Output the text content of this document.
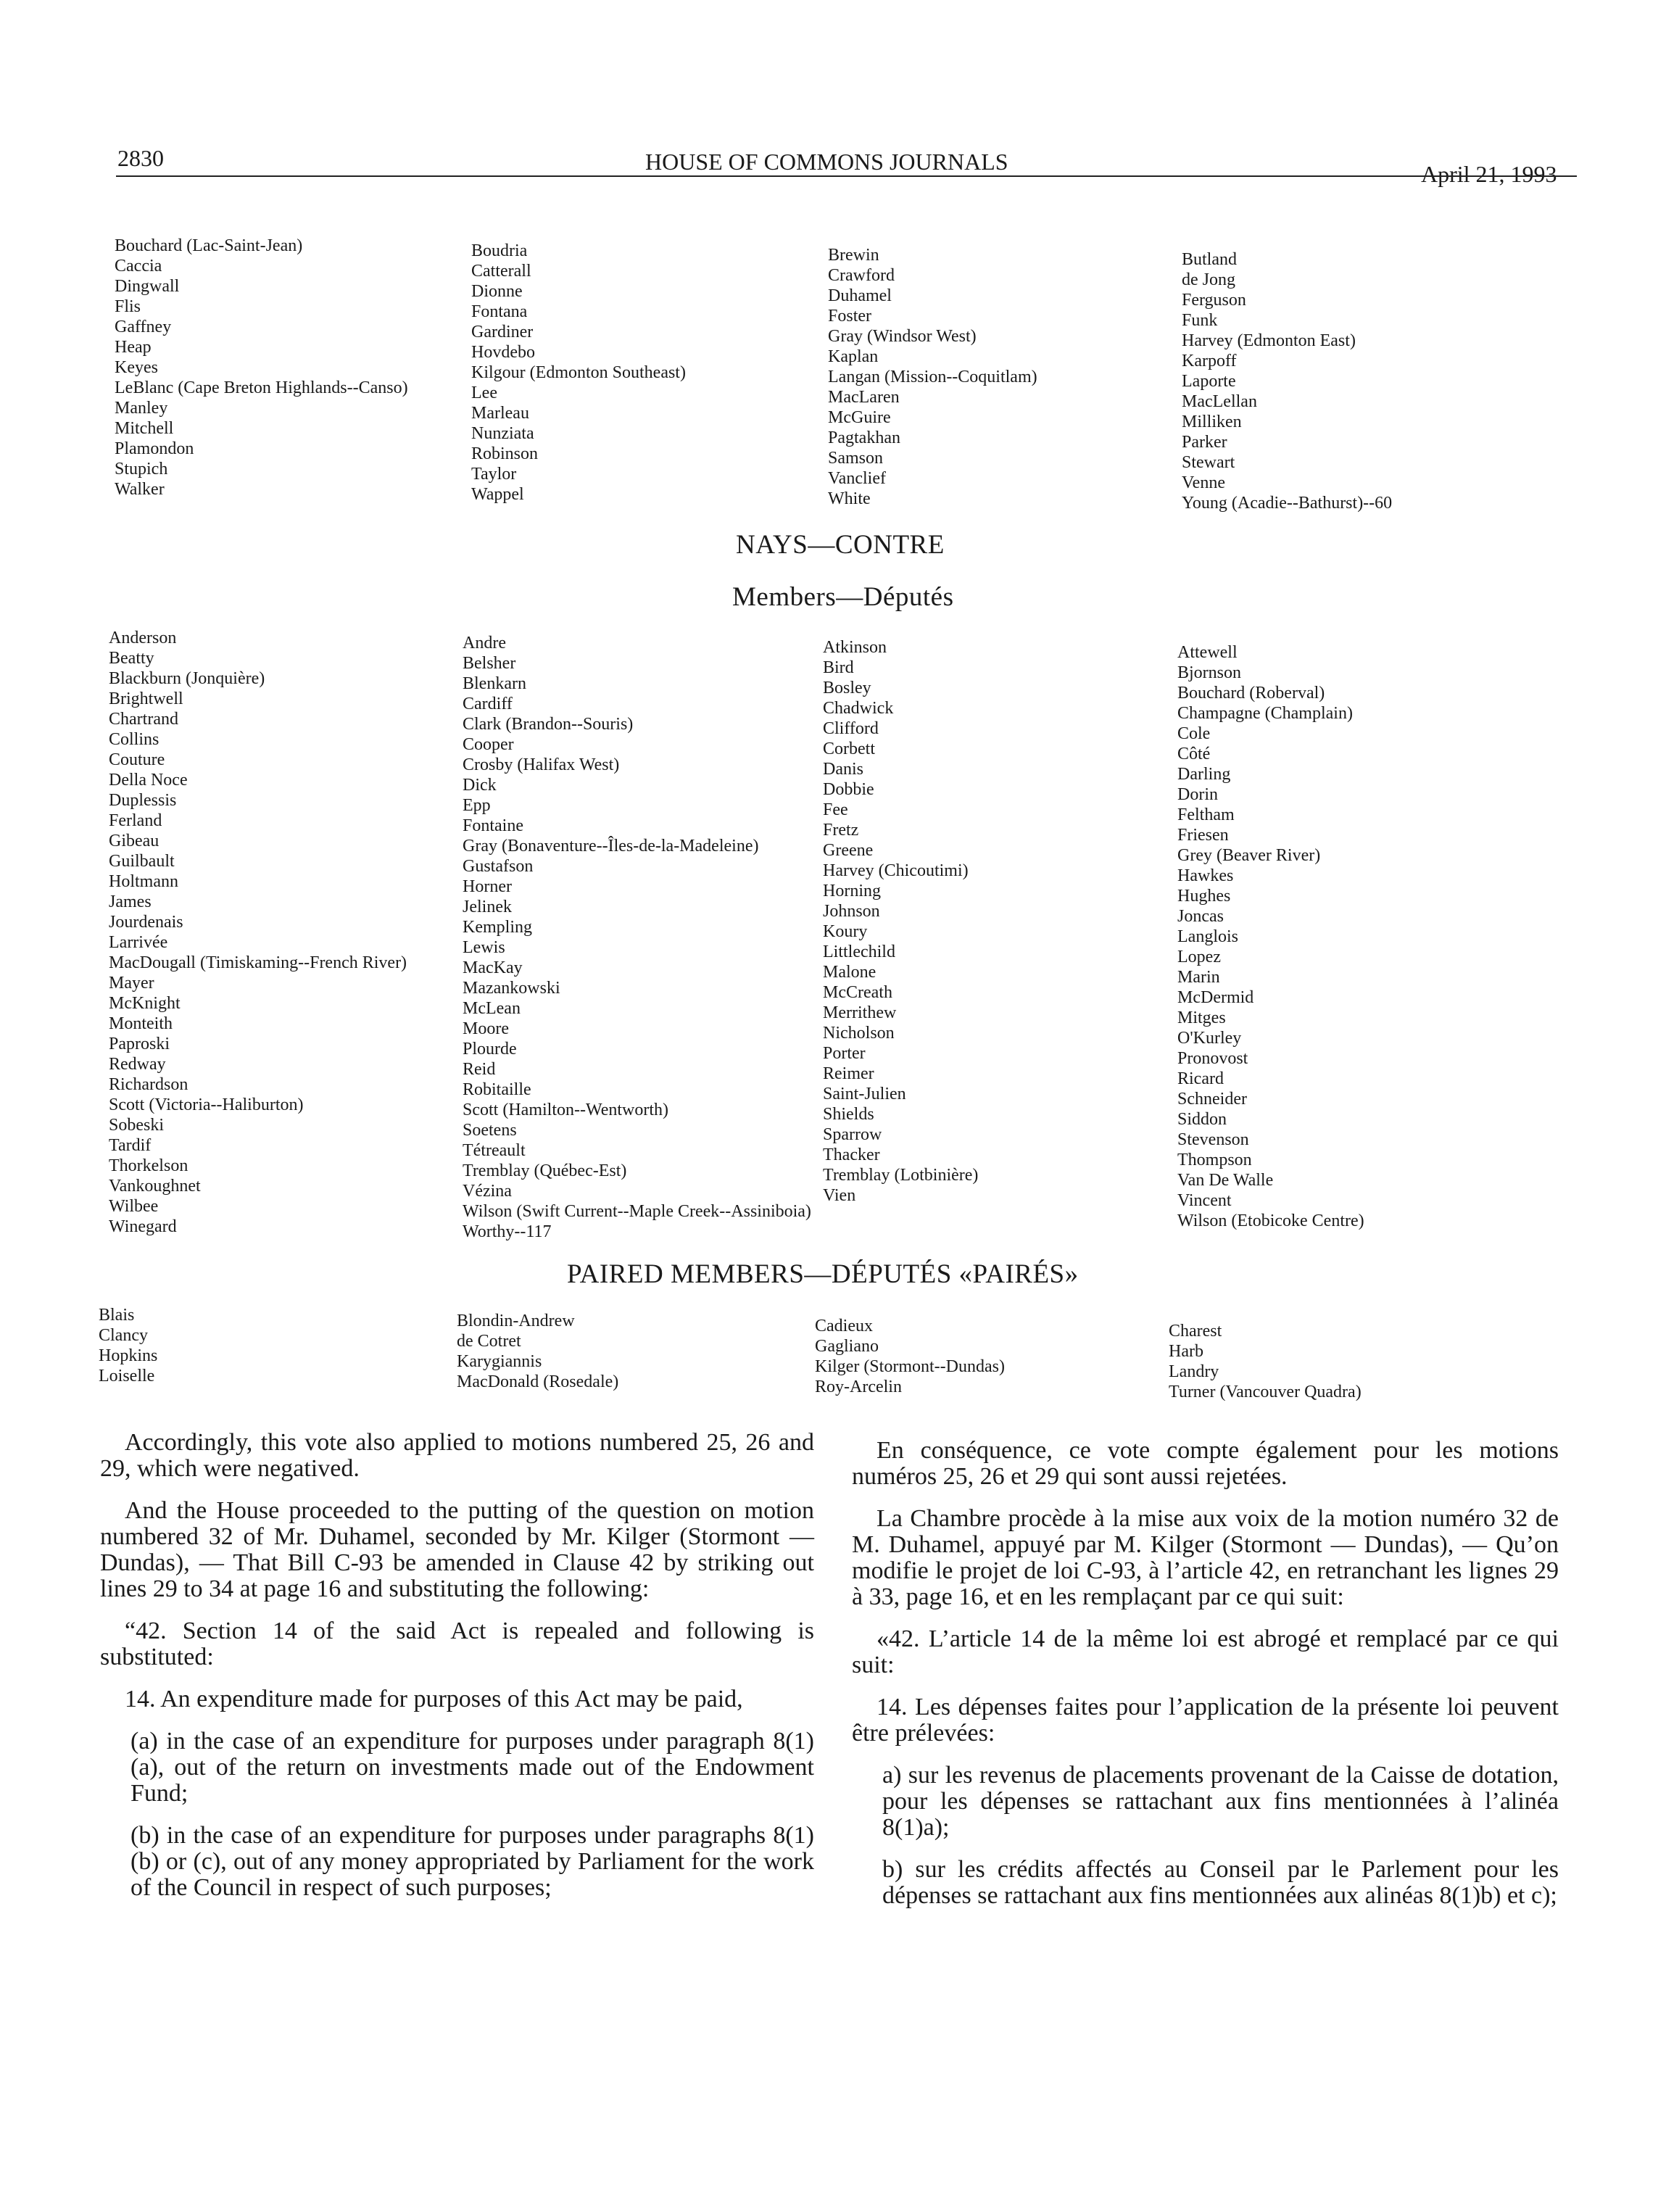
2830	HOUSE OF COMMONS JOURNALS	April 21, 1993
Bouchard (Lac-Saint-Jean)
Caccia
Dingwall
Flis
Gaffney
Heap
Keyes
LeBlanc (Cape Breton Highlands--Canso)
Manley
Mitchell
Plamondon
Stupich
Walker
Boudria
Catterall
Dionne
Fontana
Gardiner
Hovdebo
Kilgour (Edmonton Southeast)
Lee
Marleau
Nunziata
Robinson
Taylor
Wappel
Brewin
Crawford
Duhamel
Foster
Gray (Windsor West)
Kaplan
Langan (Mission--Coquitlam)
MacLaren
McGuire
Pagtakhan
Samson
Vanclief
White
Butland
de Jong
Ferguson
Funk
Harvey (Edmonton East)
Karpoff
Laporte
MacLellan
Milliken
Parker
Stewart
Venne
Young (Acadie--Bathurst)--60
NAYS—CONTRE
Members—Députés
Anderson
Beatty
Blackburn (Jonquière)
Brightwell
Chartrand
Collins
Couture
Della Noce
Duplessis
Ferland
Gibeau
Guilbault
Holtmann
James
Jourdenais
Larrivée
MacDougall (Timiskaming--French River)
Mayer
McKnight
Monteith
Paproski
Redway
Richardson
Scott (Victoria--Haliburton)
Sobeski
Tardif
Thorkelson
Vankoughnet
Wilbee
Winegard
Andre
Belsher
Blenkarn
Cardiff
Clark (Brandon--Souris)
Cooper
Crosby (Halifax West)
Dick
Epp
Fontaine
Gray (Bonaventure--Îles-de-la-Madeleine)
Gustafson
Horner
Jelinek
Kempling
Lewis
MacKay
Mazankowski
McLean
Moore
Plourde
Reid
Robitaille
Scott (Hamilton--Wentworth)
Soetens
Tétreault
Tremblay (Québec-Est)
Vézina
Wilson (Swift Current--Maple Creek--Assiniboia)
Worthy--117
Atkinson
Bird
Bosley
Chadwick
Clifford
Corbett
Danis
Dobbie
Fee
Fretz
Greene
Harvey (Chicoutimi)
Horning
Johnson
Koury
Littlechild
Malone
McCreath
Merrithew
Nicholson
Porter
Reimer
Saint-Julien
Shields
Sparrow
Thacker
Tremblay (Lotbinière)
Vien
Attewell
Bjornson
Bouchard (Roberval)
Champagne (Champlain)
Cole
Côté
Darling
Dorin
Feltham
Friesen
Grey (Beaver River)
Hawkes
Hughes
Joncas
Langlois
Lopez
Marin
McDermid
Mitges
O'Kurley
Pronovost
Ricard
Schneider
Siddon
Stevenson
Thompson
Van De Walle
Vincent
Wilson (Etobicoke Centre)
PAIRED MEMBERS—DÉPUTÉS «PAIRÉS»
Blais
Clancy
Hopkins
Loiselle
Blondin-Andrew
de Cotret
Karygiannis
MacDonald (Rosedale)
Cadieux
Gagliano
Kilger (Stormont--Dundas)
Roy-Arcelin
Charest
Harb
Landry
Turner (Vancouver Quadra)

Accordingly, this vote also applied to motions numbered 25, 26 and 29, which were negatived.

And the House proceeded to the putting of the question on motion numbered 32 of Mr. Duhamel, seconded by Mr. Kilger (Stormont — Dundas), — That Bill C-93 be amended in Clause 42 by striking out lines 29 to 34 at page 16 and substituting the following:

“42. Section 14 of the said Act is repealed and following is substituted:

14. An expenditure made for purposes of this Act may be paid,

(a) in the case of an expenditure for purposes under paragraph 8(1)(a), out of the return on investments made out of the Endowment Fund;

(b) in the case of an expenditure for purposes under paragraphs 8(1)(b) or (c), out of any money appropriated by Parliament for the work of the Council in respect of such purposes;

En conséquence, ce vote compte également pour les motions numéros 25, 26 et 29 qui sont aussi rejetées.

La Chambre procède à la mise aux voix de la motion numéro 32 de M. Duhamel, appuyé par M. Kilger (Stormont — Dundas), — Qu’on modifie le projet de loi C-93, à l’article 42, en retranchant les lignes 29 à 33, page 16, et en les remplaçant par ce qui suit:

«42. L’article 14 de la même loi est abrogé et remplacé par ce qui suit:

14. Les dépenses faites pour l’application de la présente loi peuvent être prélevées:

a) sur les revenus de placements provenant de la Caisse de dotation, pour les dépenses se rattachant aux fins mentionnées à l’alinéa 8(1)a);

b) sur les crédits affectés au Conseil par le Parlement pour les dépenses se rattachant aux fins mentionnées aux alinéas 8(1)b) et c);
